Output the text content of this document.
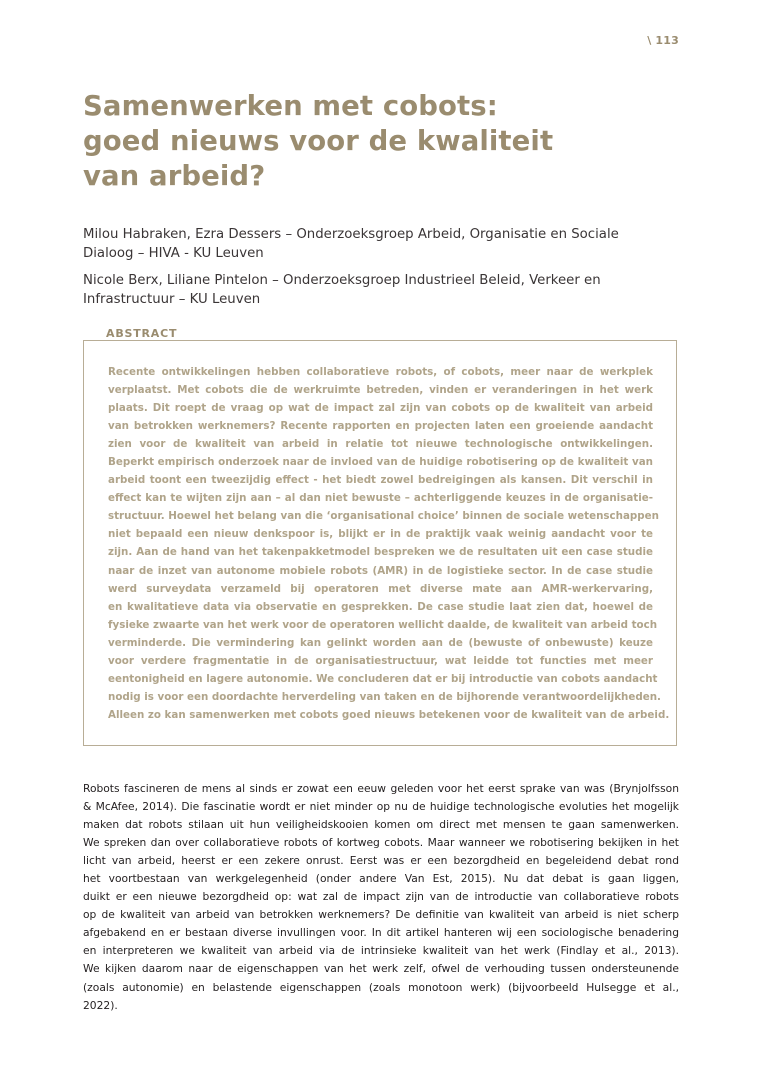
\ 113
Samenwerken met cobots:
goed nieuws voor de kwaliteit
van arbeid?
Milou Habraken, Ezra Dessers – Onderzoeksgroep Arbeid, Organisatie en Sociale
Dialoog – HIVA - KU Leuven
Nicole Berx, Liliane Pintelon – Onderzoeksgroep Industrieel Beleid, Verkeer en
Infrastructuur – KU Leuven
ABSTRACT
Recente ontwikkelingen hebben collaboratieve robots, of cobots, meer naar de werkplek
verplaatst. Met cobots die de werkruimte betreden, vinden er veranderingen in het werk
plaats. Dit roept de vraag op wat de impact zal zijn van cobots op de kwaliteit van arbeid
van betrokken werknemers? Recente rapporten en projecten laten een groeiende aandacht
zien voor de kwaliteit van arbeid in relatie tot nieuwe technologische ontwikkelingen.
Beperkt empirisch onderzoek naar de invloed van de huidige robotisering op de kwaliteit van
arbeid toont een tweezijdig effect - het biedt zowel bedreigingen als kansen. Dit verschil in
effect kan te wijten zijn aan – al dan niet bewuste – achterliggende keuzes in de organisatie-
structuur. Hoewel het belang van die ‘organisational choice’ binnen de sociale wetenschappen
niet bepaald een nieuw denkspoor is, blijkt er in de praktijk vaak weinig aandacht voor te
zijn. Aan de hand van het takenpakketmodel bespreken we de resultaten uit een case studie
naar de inzet van autonome mobiele robots (AMR) in de logistieke sector. In de case studie
werd surveydata verzameld bij operatoren met diverse mate aan AMR-werkervaring,
en kwalitatieve data via observatie en gesprekken. De case studie laat zien dat, hoewel de
fysieke zwaarte van het werk voor de operatoren wellicht daalde, de kwaliteit van arbeid toch
verminderde. Die vermindering kan gelinkt worden aan de (bewuste of onbewuste) keuze
voor verdere fragmentatie in de organisatiestructuur, wat leidde tot functies met meer
eentonigheid en lagere autonomie. We concluderen dat er bij introductie van cobots aandacht
nodig is voor een doordachte herverdeling van taken en de bijhorende verantwoordelijkheden.
Alleen zo kan samenwerken met cobots goed nieuws betekenen voor de kwaliteit van de arbeid.
Robots fascineren de mens al sinds er zowat een eeuw geleden voor het eerst sprake van was (Brynjolfsson
& McAfee, 2014). Die fascinatie wordt er niet minder op nu de huidige technologische evoluties het mogelijk
maken dat robots stilaan uit hun veiligheidskooien komen om direct met mensen te gaan samenwerken.
We spreken dan over collaboratieve robots of kortweg cobots. Maar wanneer we robotisering bekijken in het
licht van arbeid, heerst er een zekere onrust. Eerst was er een bezorgdheid en begeleidend debat rond
het voortbestaan van werkgelegenheid (onder andere Van Est, 2015). Nu dat debat is gaan liggen,
duikt er een nieuwe bezorgdheid op: wat zal de impact zijn van de introductie van collaboratieve robots
op de kwaliteit van arbeid van betrokken werknemers? De definitie van kwaliteit van arbeid is niet scherp
afgebakend en er bestaan diverse invullingen voor. In dit artikel hanteren wij een sociologische benadering
en interpreteren we kwaliteit van arbeid via de intrinsieke kwaliteit van het werk (Findlay et al., 2013).
We kijken daarom naar de eigenschappen van het werk zelf, ofwel de verhouding tussen ondersteunende
(zoals autonomie) en belastende eigenschappen (zoals monotoon werk) (bijvoorbeeld Hulsegge et al.,
2022).
